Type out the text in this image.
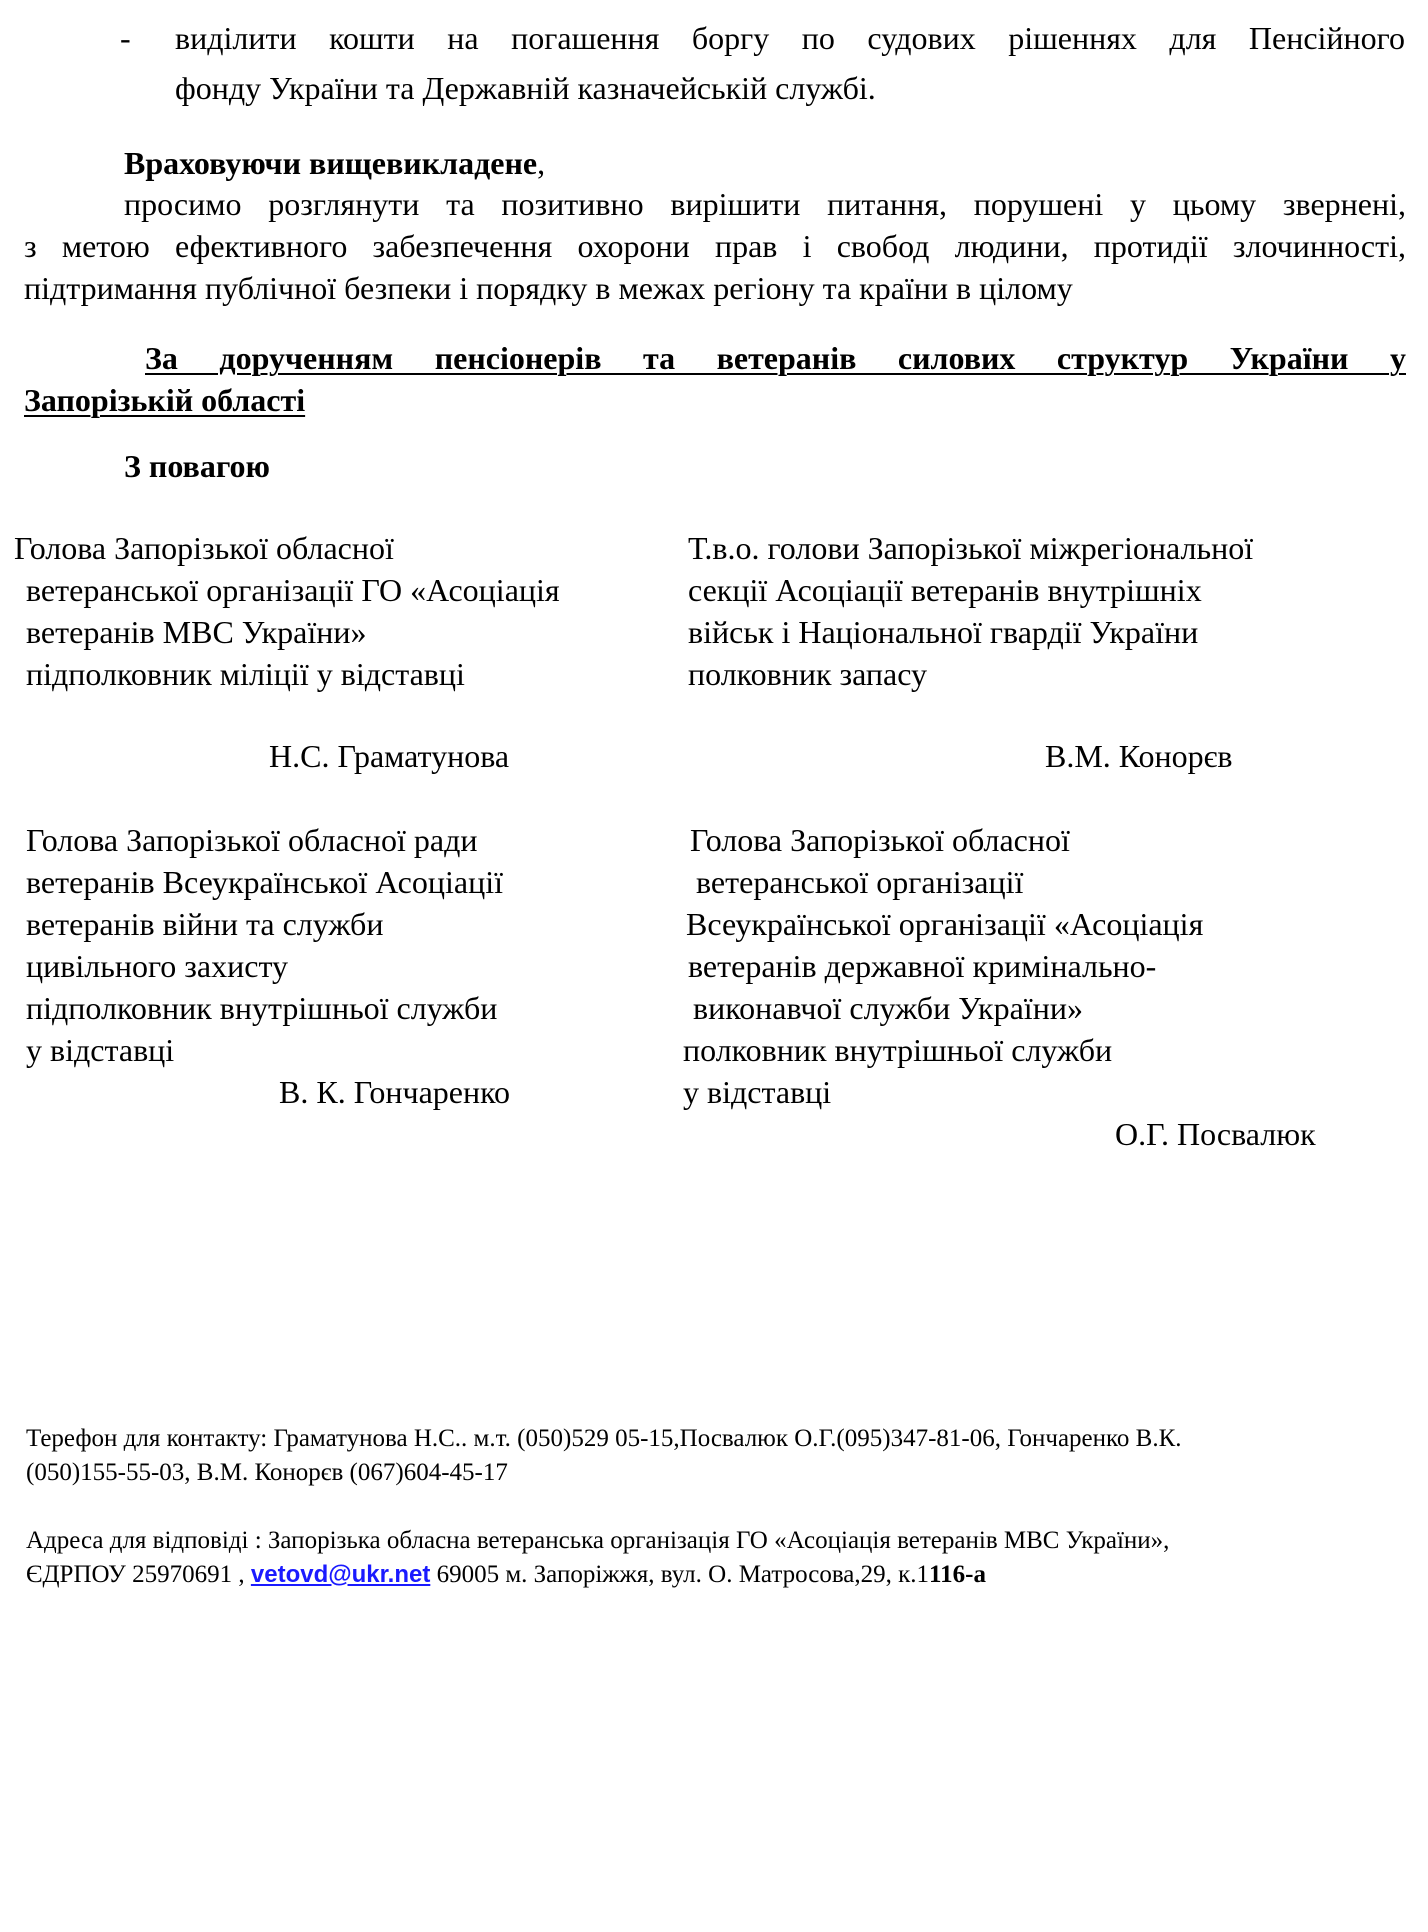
- виділити кошти на погашення боргу по судових рішеннях для Пенсійного

фонду України та Державній казначейській службі.

Враховуючи вищевикладене,

просимо розглянути та позитивно вирішити питання, порушені у цьому звернені,

з метою ефективного забезпечення охорони прав і свобод людини, протидії злочинності,

підтримання публічної безпеки і порядку в межах регіону та країни в цілому

За дорученням пенсіонерів та ветеранів силових структур України у

Запорізькій області

З повагою

Голова Запорізької обласної

ветеранської організації ГО «Асоціація

ветеранів МВС України»

підполковник міліції у відставці

Н.С. Граматунова

Т.в.о. голови Запорізької міжрегіональної

секції Асоціації ветеранів внутрішніх

військ і Національної гвардії України

полковник запасу

В.М. Конорєв

Голова Запорізької обласної ради

ветеранів Всеукраїнської Асоціації

ветеранів війни та служби

цивільного захисту

підполковник внутрішньої служби

у відставці

В. К. Гончаренко

Голова Запорізької обласної

ветеранської організації

Всеукраїнської організації «Асоціація

ветеранів державної кримінально-

виконавчої служби України»

полковник внутрішньої служби

у відставці

О.Г. Посвалюк

Терефон для контакту: Граматунова Н.С.. м.т. (050)529 05-15,Посвалюк О.Г.(095)347-81-06, Гончаренко В.К.

(050)155-55-03, В.М. Конорєв (067)604-45-17

Адреса для відповіді : Запорізька обласна ветеранська організація ГО «Асоціація ветеранів МВС України»,

ЄДРПОУ 25970691 , vetovd@ukr.net 69005 м. Запоріжжя, вул. О. Матросова,29, к.1116-а
